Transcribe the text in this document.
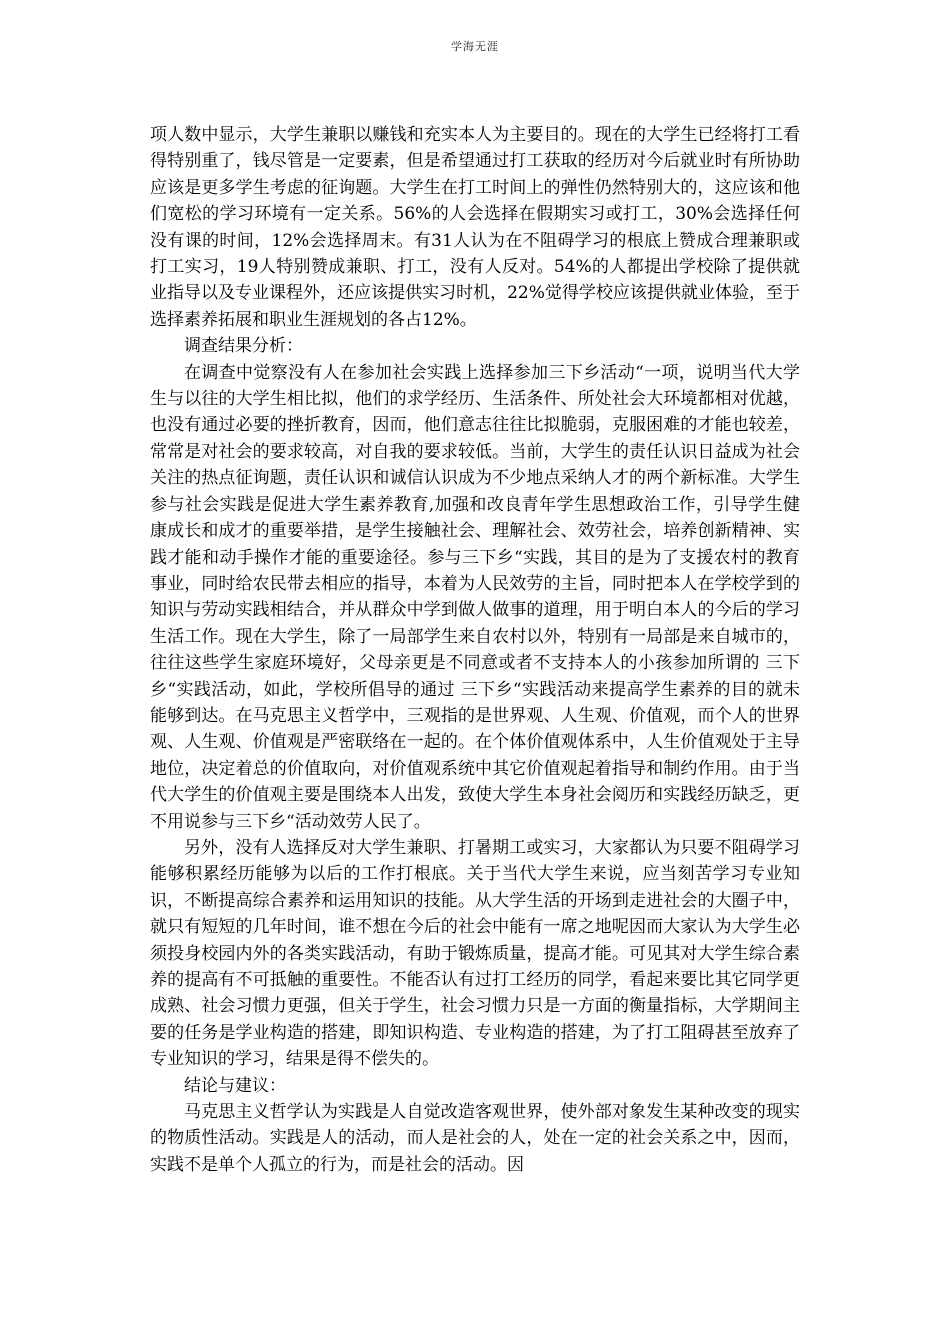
学海无涯

项人数中显示，大学生兼职以赚钱和充实本人为主要目的。现在的大学生已经将打工看得特别重了，钱尽管是一定要素，但是希望通过打工获取的经历对今后就业时有所协助应该是更多学生考虑的征询题。大学生在打工时间上的弹性仍然特别大的，这应该和他们宽松的学习环境有一定关系。56%的人会选择在假期实习或打工，30%会选择任何没有课的时间，12%会选择周末。有31人认为在不阻碍学习的根底上赞成合理兼职或打工实习，19人特别赞成兼职、打工，没有人反对。54%的人都提出学校除了提供就业指导以及专业课程外，还应该提供实习时机，22%觉得学校应该提供就业体验，至于选择素养拓展和职业生涯规划的各占12%。

调查结果分析：

在调查中觉察没有人在参加社会实践上选择参加三下乡活动“一项，说明当代大学生与以往的大学生相比拟，他们的求学经历、生活条件、所处社会大环境都相对优越，也没有通过必要的挫折教育，因而，他们意志往往比拟脆弱，克服困难的才能也较差，常常是对社会的要求较高，对自我的要求较低。当前，大学生的责任认识日益成为社会关注的热点征询题，责任认识和诚信认识成为不少地点采纳人才的两个新标准。大学生参与社会实践是促进大学生素养教育,加强和改良青年学生思想政治工作，引导学生健康成长和成才的重要举措，是学生接触社会、理解社会、效劳社会，培养创新精神、实践才能和动手操作才能的重要途径。参与三下乡“实践，其目的是为了支援农村的教育事业，同时给农民带去相应的指导，本着为人民效劳的主旨，同时把本人在学校学到的知识与劳动实践相结合，并从群众中学到做人做事的道理，用于明白本人的今后的学习生活工作。现在大学生，除了一局部学生来自农村以外，特别有一局部是来自城市的，往往这些学生家庭环境好，父母亲更是不同意或者不支持本人的小孩参加所谓的 三下乡“实践活动，如此，学校所倡导的通过 三下乡“实践活动来提高学生素养的目的就未能够到达。在马克思主义哲学中，三观指的是世界观、人生观、价值观，而个人的世界观、人生观、价值观是严密联络在一起的。在个体价值观体系中，人生价值观处于主导地位，决定着总的价值取向，对价值观系统中其它价值观起着指导和制约作用。由于当代大学生的价值观主要是围绕本人出发，致使大学生本身社会阅历和实践经历缺乏，更不用说参与三下乡“活动效劳人民了。

另外，没有人选择反对大学生兼职、打暑期工或实习，大家都认为只要不阻碍学习能够积累经历能够为以后的工作打根底。关于当代大学生来说，应当刻苦学习专业知识，不断提高综合素养和运用知识的技能。从大学生活的开场到走进社会的大圈子中，就只有短短的几年时间，谁不想在今后的社会中能有一席之地呢因而大家认为大学生必须投身校园内外的各类实践活动，有助于锻炼质量，提高才能。可见其对大学生综合素养的提高有不可抵触的重要性。不能否认有过打工经历的同学，看起来要比其它同学更成熟、社会习惯力更强，但关于学生，社会习惯力只是一方面的衡量指标，大学期间主要的任务是学业构造的搭建，即知识构造、专业构造的搭建，为了打工阻碍甚至放弃了专业知识的学习，结果是得不偿失的。

结论与建议：

马克思主义哲学认为实践是人自觉改造客观世界，使外部对象发生某种改变的现实的物质性活动。实践是人的活动，而人是社会的人，处在一定的社会关系之中，因而，实践不是单个人孤立的行为，而是社会的活动。因
